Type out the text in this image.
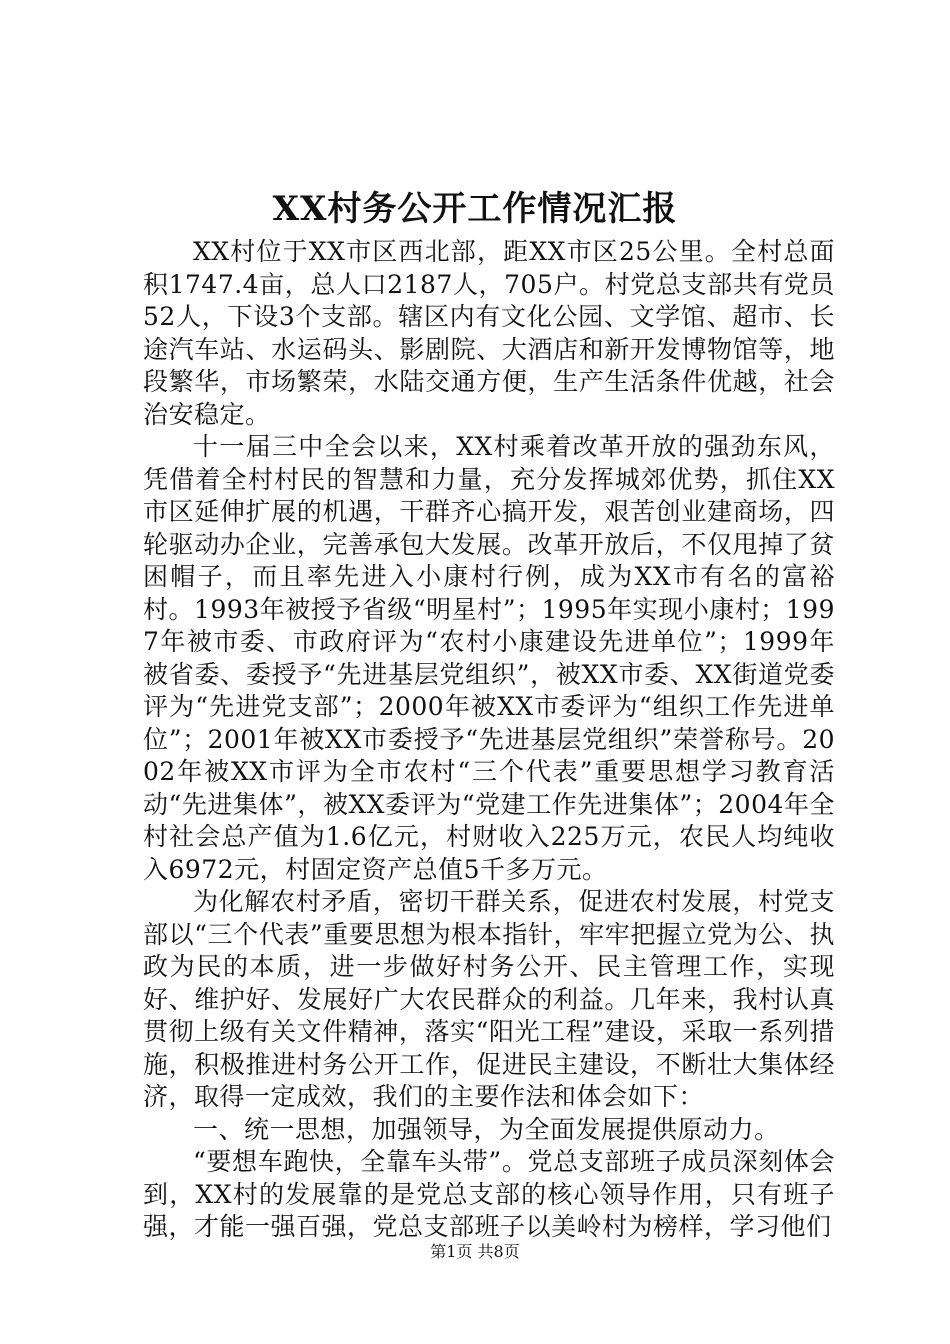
XX村务公开工作情况汇报

XX村位于XX市区西北部，距XX市区25公里。全村总面积1747.4亩，总人口2187人，705户。村党总支部共有党员52人，下设3个支部。辖区内有文化公园、文学馆、超市、长途汽车站、水运码头、影剧院、大酒店和新开发博物馆等，地段繁华，市场繁荣，水陆交通方便，生产生活条件优越，社会治安稳定。

十一届三中全会以来，XX村乘着改革开放的强劲东风，凭借着全村村民的智慧和力量，充分发挥城郊优势，抓住XX市区延伸扩展的机遇，干群齐心搞开发，艰苦创业建商场，四轮驱动办企业，完善承包大发展。改革开放后，不仅甩掉了贫困帽子，而且率先进入小康村行例，成为XX市有名的富裕村。1993年被授予省级“明星村”；1995年实现小康村；1997年被市委、市政府评为“农村小康建设先进单位”；1999年被省委、委授予“先进基层党组织”，被XX市委、XX街道党委评为“先进党支部”；2000年被XX市委评为“组织工作先进单位”；2001年被XX市委授予“先进基层党组织”荣誉称号。2002年被XX市评为全市农村“三个代表”重要思想学习教育活动“先进集体”，被XX委评为“党建工作先进集体”；2004年全村社会总产值为1.6亿元，村财收入225万元，农民人均纯收入6972元，村固定资产总值5千多万元。

为化解农村矛盾，密切干群关系，促进农村发展，村党支部以“三个代表”重要思想为根本指针，牢牢把握立党为公、执政为民的本质，进一步做好村务公开、民主管理工作，实现好、维护好、发展好广大农民群众的利益。几年来，我村认真贯彻上级有关文件精神，落实“阳光工程”建设，采取一系列措施，积极推进村务公开工作，促进民主建设，不断壮大集体经济，取得一定成效，我们的主要作法和体会如下：

一、统一思想，加强领导，为全面发展提供原动力。

“要想车跑快，全靠车头带”。党总支部班子成员深刻体会到，XX村的发展靠的是党总支部的核心领导作用，只有班子强，才能一强百强，党总支部班子以美岭村为榜样，学习他们

第1页 共8页
